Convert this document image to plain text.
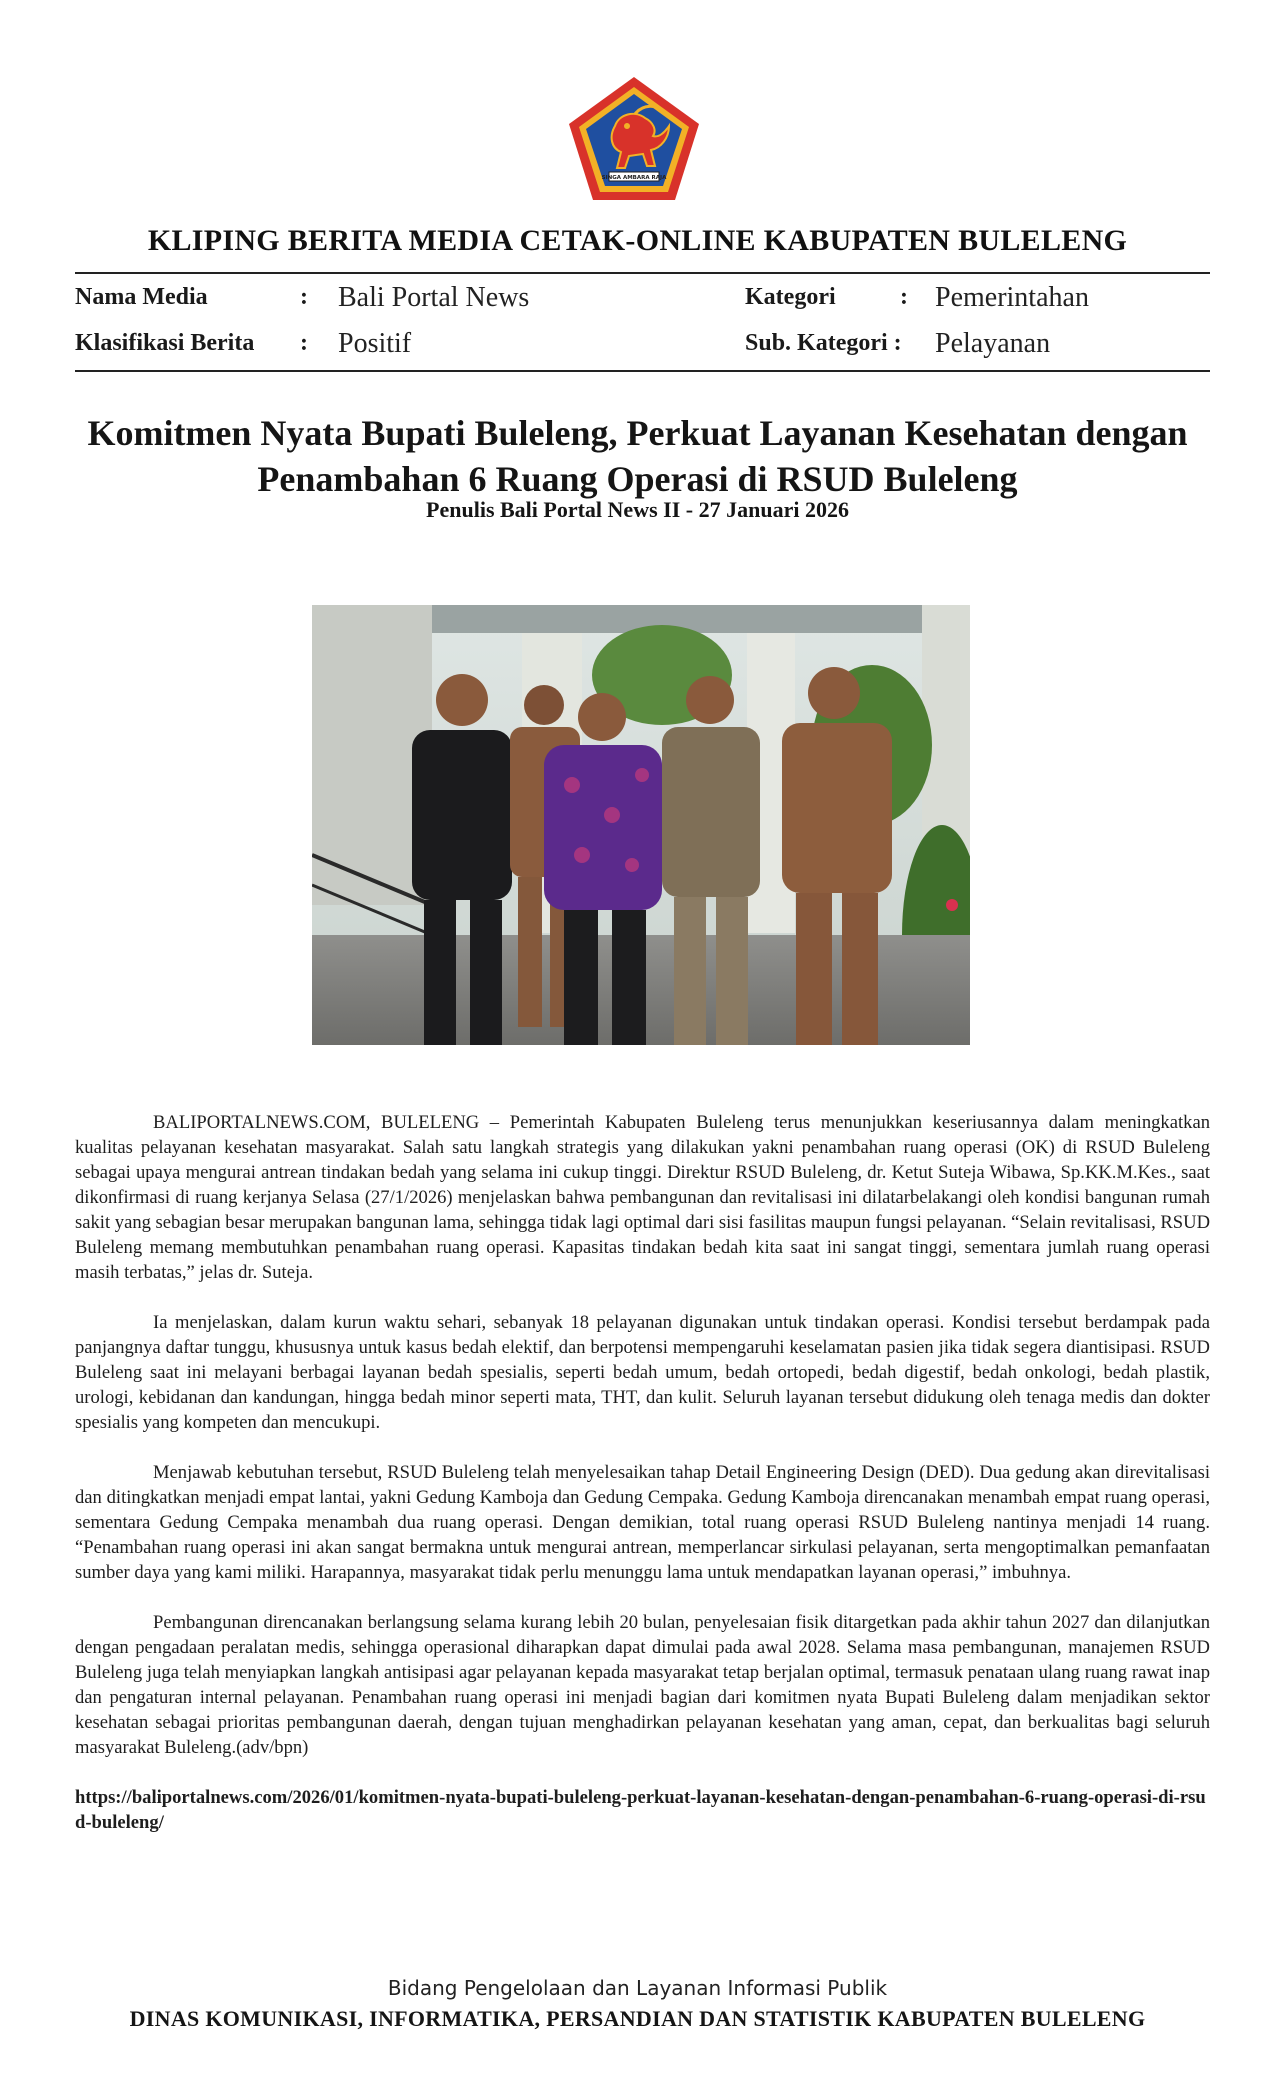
SINGA AMBARA RAJA
KLIPING BERITA MEDIA CETAK-ONLINE KABUPATEN BULELENG
Nama Media	: Bali Portal News
Klasifikasi Berita : Positif
Kategori	: Pemerintahan
Sub. Kategori : Pelayanan
Komitmen Nyata Bupati Buleleng, Perkuat Layanan Kesehatan dengan
Penambahan 6 Ruang Operasi di RSUD Buleleng
Penulis Bali Portal News II - 27 Januari 2026

BALIPORTALNEWS.COM, BULELENG – Pemerintah Kabupaten Buleleng terus menunjukkan keseriusannya dalam meningkatkan kualitas pelayanan kesehatan masyarakat. Salah satu langkah strategis yang dilakukan yakni penambahan ruang operasi (OK) di RSUD Buleleng sebagai upaya mengurai antrean tindakan bedah yang selama ini cukup tinggi. Direktur RSUD Buleleng, dr. Ketut Suteja Wibawa, Sp.KK.M.Kes., saat dikonfirmasi di ruang kerjanya Selasa (27/1/2026) menjelaskan bahwa pembangunan dan revitalisasi ini dilatarbelakangi oleh kondisi bangunan rumah sakit yang sebagian besar merupakan bangunan lama, sehingga tidak lagi optimal dari sisi fasilitas maupun fungsi pelayanan. “Selain revitalisasi, RSUD Buleleng memang membutuhkan penambahan ruang operasi. Kapasitas tindakan bedah kita saat ini sangat tinggi, sementara jumlah ruang operasi masih terbatas,” jelas dr. Suteja.

Ia menjelaskan, dalam kurun waktu sehari, sebanyak 18 pelayanan digunakan untuk tindakan operasi. Kondisi tersebut berdampak pada panjangnya daftar tunggu, khususnya untuk kasus bedah elektif, dan berpotensi mempengaruhi keselamatan pasien jika tidak segera diantisipasi. RSUD Buleleng saat ini melayani berbagai layanan bedah spesialis, seperti bedah umum, bedah ortopedi, bedah digestif, bedah onkologi, bedah plastik, urologi, kebidanan dan kandungan, hingga bedah minor seperti mata, THT, dan kulit. Seluruh layanan tersebut didukung oleh tenaga medis dan dokter spesialis yang kompeten dan mencukupi.

Menjawab kebutuhan tersebut, RSUD Buleleng telah menyelesaikan tahap Detail Engineering Design (DED). Dua gedung akan direvitalisasi dan ditingkatkan menjadi empat lantai, yakni Gedung Kamboja dan Gedung Cempaka. Gedung Kamboja direncanakan menambah empat ruang operasi, sementara Gedung Cempaka menambah dua ruang operasi. Dengan demikian, total ruang operasi RSUD Buleleng nantinya menjadi 14 ruang. “Penambahan ruang operasi ini akan sangat bermakna untuk mengurai antrean, memperlancar sirkulasi pelayanan, serta mengoptimalkan pemanfaatan sumber daya yang kami miliki. Harapannya, masyarakat tidak perlu menunggu lama untuk mendapatkan layanan operasi,” imbuhnya.

Pembangunan direncanakan berlangsung selama kurang lebih 20 bulan, penyelesaian fisik ditargetkan pada akhir tahun 2027 dan dilanjutkan dengan pengadaan peralatan medis, sehingga operasional diharapkan dapat dimulai pada awal 2028. Selama masa pembangunan, manajemen RSUD Buleleng juga telah menyiapkan langkah antisipasi agar pelayanan kepada masyarakat tetap berjalan optimal, termasuk penataan ulang ruang rawat inap dan pengaturan internal pelayanan. Penambahan ruang operasi ini menjadi bagian dari komitmen nyata Bupati Buleleng dalam menjadikan sektor kesehatan sebagai prioritas pembangunan daerah, dengan tujuan menghadirkan pelayanan kesehatan yang aman, cepat, dan berkualitas bagi seluruh masyarakat Buleleng.(adv/bpn)

https://baliportalnews.com/2026/01/komitmen-nyata-bupati-buleleng-perkuat-layanan-kesehatan-dengan-penambahan-6-ruang-operasi-di-rsud-buleleng/

Bidang Pengelolaan dan Layanan Informasi Publik
DINAS KOMUNIKASI, INFORMATIKA, PERSANDIAN DAN STATISTIK KABUPATEN BULELENG
